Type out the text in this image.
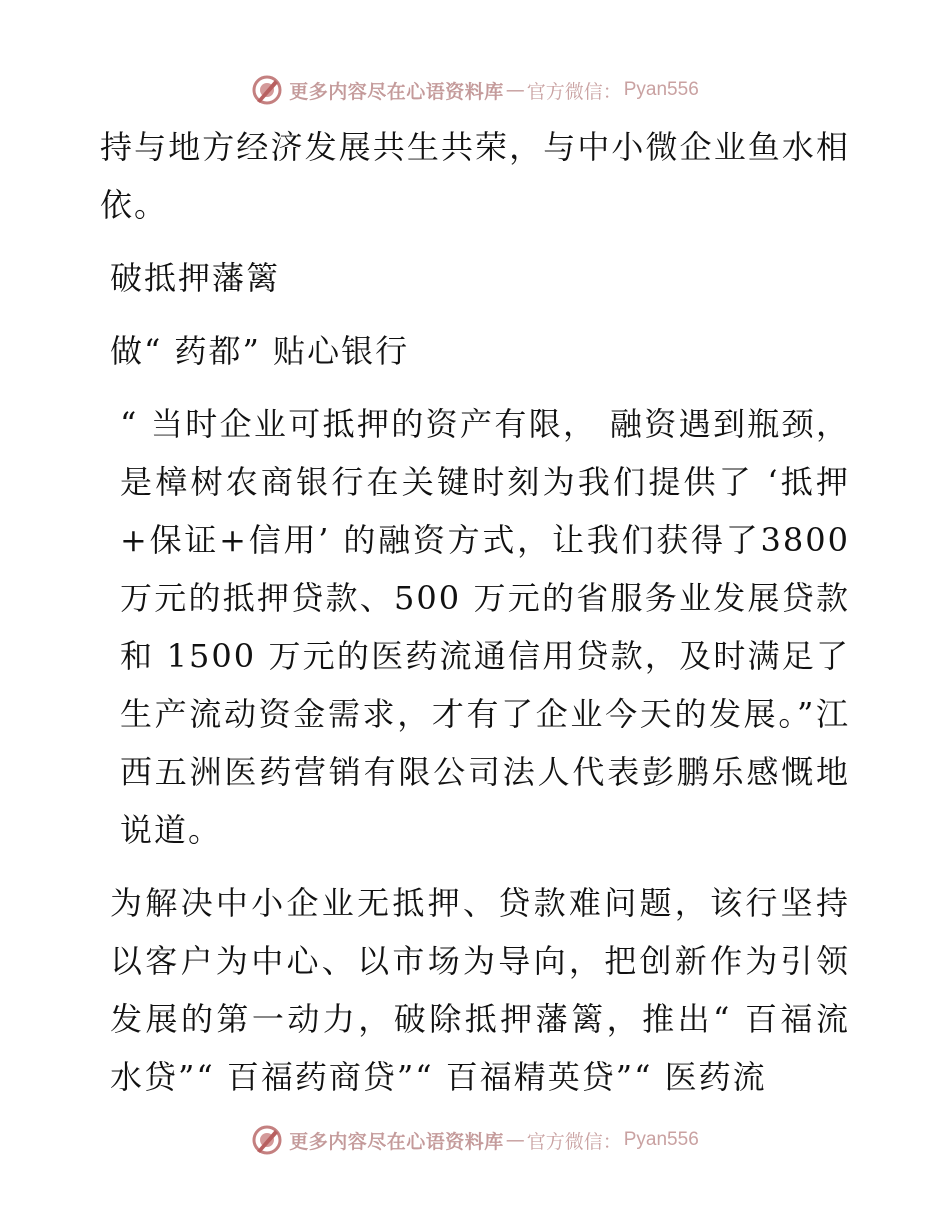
更多内容尽在心语资料库 — 官方微信： Pyan556

持与地方经济发展共生共荣，与中小微企业鱼水相依。

破抵押藩篱

做“ 药都” 贴心银行

“ 当时企业可抵押的资产有限， 融资遇到瓶颈， 是樟树农商银行在关键时刻为我们提供了 ‘抵押+保证+信用’ 的融资方式，让我们获得了3800 万元的抵押贷款、500 万元的省服务业发展贷款和 1500 万元的医药流通信用贷款，及时满足了生产流动资金需求，才有了企业今天的发展。”江西五洲医药营销有限公司法人代表彭鹏乐感慨地说道。

为解决中小企业无抵押、贷款难问题，该行坚持以客户为中心、以市场为导向，把创新作为引领发展的第一动力，破除抵押藩篱，推出“ 百福流水贷”“ 百福药商贷”“ 百福精英贷”“ 医药流

更多内容尽在心语资料库 — 官方微信： Pyan556
